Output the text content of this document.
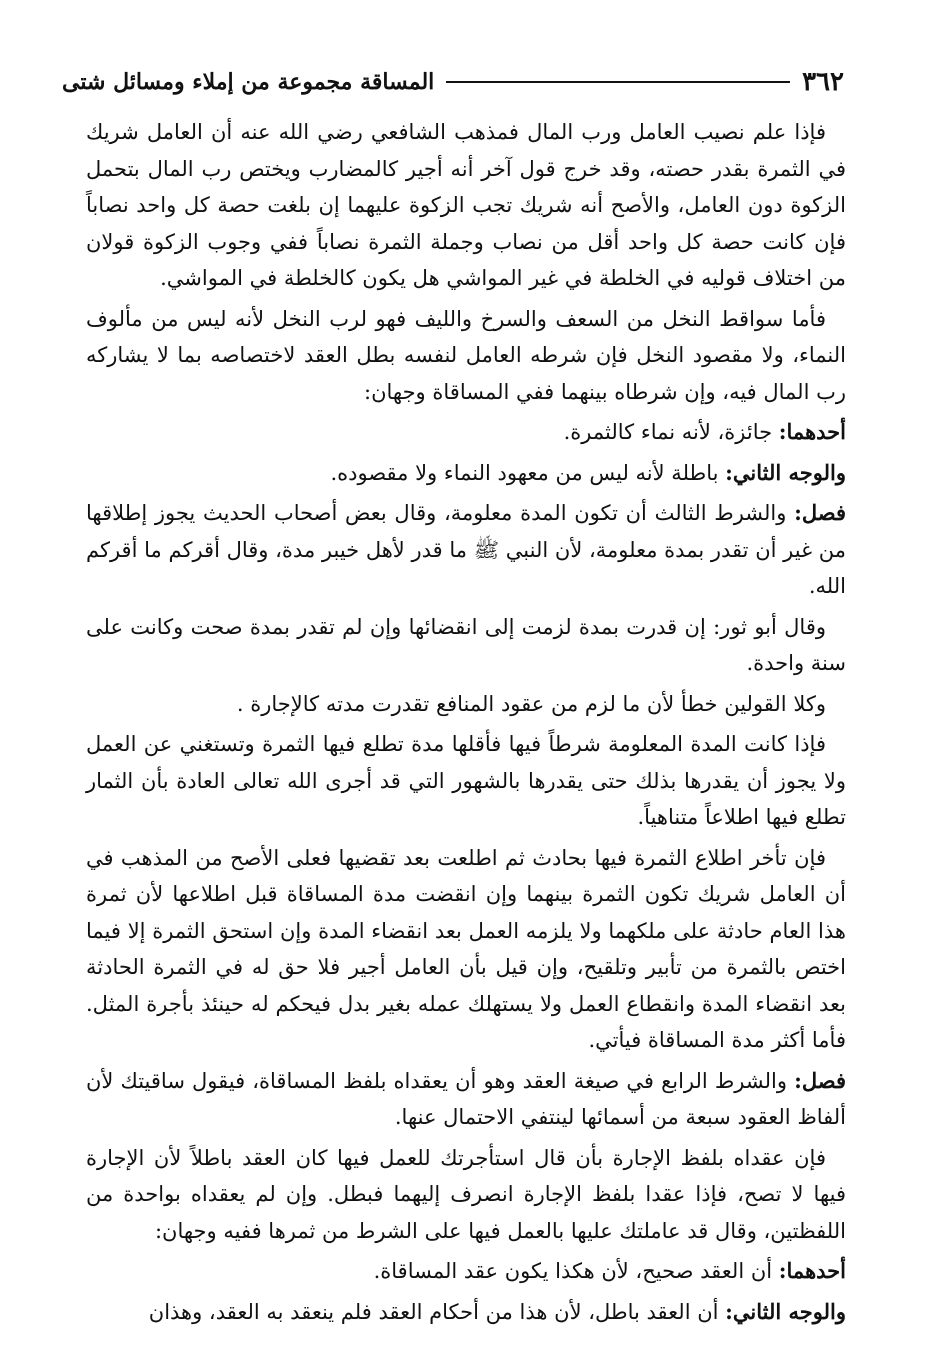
٣٦٢
المساقة مجموعة من إملاء ومسائل شتى

فإذا علم نصيب العامل ورب المال فمذهب الشافعي رضي الله عنه أن العامل شريك في الثمرة بقدر حصته، وقد خرج قول آخر أنه أجير كالمضارب ويختص رب المال بتحمل الزكوة دون العامل، والأصح أنه شريك تجب الزكوة عليهما إن بلغت حصة كل واحد نصاباً فإن كانت حصة كل واحد أقل من نصاب وجملة الثمرة نصاباً ففي وجوب الزكوة قولان من اختلاف قوليه في الخلطة في غير المواشي هل يكون كالخلطة في المواشي.

فأما سواقط النخل من السعف والسرخ والليف فهو لرب النخل لأنه ليس من مألوف النماء، ولا مقصود النخل فإن شرطه العامل لنفسه بطل العقد لاختصاصه بما لا يشاركه رب المال فيه، وإن شرطاه بينهما ففي المساقاة وجهان:

أحدهما: جائزة، لأنه نماء كالثمرة.

والوجه الثاني: باطلة لأنه ليس من معهود النماء ولا مقصوده.

فصل: والشرط الثالث أن تكون المدة معلومة، وقال بعض أصحاب الحديث يجوز إطلاقها من غير أن تقدر بمدة معلومة، لأن النبي ﷺ ما قدر لأهل خيبر مدة، وقال أقركم ما أقركم الله.

وقال أبو ثور: إن قدرت بمدة لزمت إلى انقضائها وإن لم تقدر بمدة صحت وكانت على سنة واحدة.

وكلا القولين خطأ لأن ما لزم من عقود المنافع تقدرت مدته كالإجارة .

فإذا كانت المدة المعلومة شرطاً فيها فأقلها مدة تطلع فيها الثمرة وتستغني عن العمل ولا يجوز أن يقدرها بذلك حتى يقدرها بالشهور التي قد أجرى الله تعالى العادة بأن الثمار تطلع فيها اطلاعاً متناهياً.

فإن تأخر اطلاع الثمرة فيها بحادث ثم اطلعت بعد تقضيها فعلى الأصح من المذهب في أن العامل شريك تكون الثمرة بينهما وإن انقضت مدة المساقاة قبل اطلاعها لأن ثمرة هذا العام حادثة على ملكهما ولا يلزمه العمل بعد انقضاء المدة وإن استحق الثمرة إلا فيما اختص بالثمرة من تأبير وتلقيح، وإن قيل بأن العامل أجير فلا حق له في الثمرة الحادثة بعد انقضاء المدة وانقطاع العمل ولا يستهلك عمله بغير بدل فيحكم له حينئذ بأجرة المثل. فأما أكثر مدة المساقاة فيأتي.

فصل: والشرط الرابع في صيغة العقد وهو أن يعقداه بلفظ المساقاة، فيقول ساقيتك لأن ألفاظ العقود سبعة من أسمائها لينتفي الاحتمال عنها.

فإن عقداه بلفظ الإجارة بأن قال استأجرتك للعمل فيها كان العقد باطلاً لأن الإجارة فيها لا تصح، فإذا عقدا بلفظ الإجارة انصرف إليهما فبطل. وإن لم يعقداه بواحدة من اللفظتين، وقال قد عاملتك عليها بالعمل فيها على الشرط من ثمرها ففيه وجهان:

أحدهما: أن العقد صحيح، لأن هكذا يكون عقد المساقاة.

والوجه الثاني: أن العقد باطل، لأن هذا من أحكام العقد فلم ينعقد به العقد، وهذان
